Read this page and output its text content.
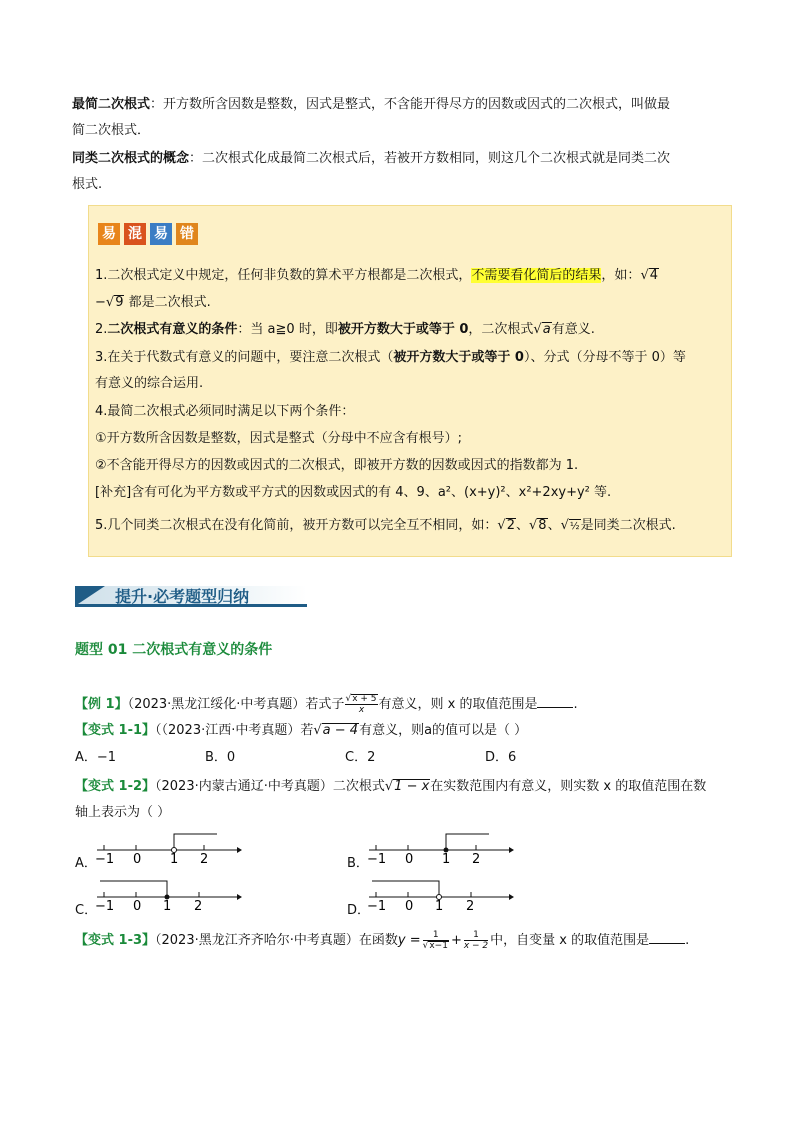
最简二次根式：开方数所含因数是整数，因式是整式，不含能开得尽方的因数或因式的二次根式，叫做最
简二次根式．
同类二次根式的概念：二次根式化成最简二次根式后，若被开方数相同，则这几个二次根式就是同类二次
根式.
易 混 易 错
1.二次根式定义中规定，任何非负数的算术平方根都是二次根式，不需要看化简后的结果，如：√4
−√9 都是二次根式.
2.二次根式有意义的条件：当 a≧0 时，即被开方数大于或等于 0，二次根式√a有意义.
3.在关于代数式有意义的问题中，要注意二次根式（被开方数大于或等于 0）、分式（分母不等于 0）等
有意义的综合运用.
4.最简二次根式必须同时满足以下两个条件：
①开方数所含因数是整数，因式是整式（分母中不应含有根号）;
②不含能开得尽方的因数或因式的二次根式，即被开方数的因数或因式的指数都为 1.
[补充]含有可化为平方数或平方式的因数或因式的有 4、9、a²、(x+y)²、x²+2xy+y² 等.
5.几个同类二次根式在没有化简前，被开方数可以完全互不相同，如：√2、√8、√½是同类二次根式.
提升·必考题型归纳
题型 01 二次根式有意义的条件
【例 1】（2023·黑龙江绥化·中考真题）若式子 $\frac{√x + 5}{x}$ 有意义，则 x 的取值范围是	.
【变式 1-1】（（2023·江西·中考真题）若√a − 4有意义，则a的值可以是（ ）
A．−1	B．0	C．2	D．6
【变式 1-2】（2023·内蒙古通辽·中考真题）二次根式√1 − x在实数范围内有意义，则实数 x 的取值范围在数
轴上表示为（ ）
A．	B．
C．	D．
−1 0 1 2	−1 0 1 2
−1 0 1 2	−1 0 1 2
【变式 1-3】（2023·黑龙江齐齐哈尔·中考真题）在函数$y = \frac{1}{√x-1} + \frac{1}{x - 2}$ 中，自变量 x 的取值范围是	.
